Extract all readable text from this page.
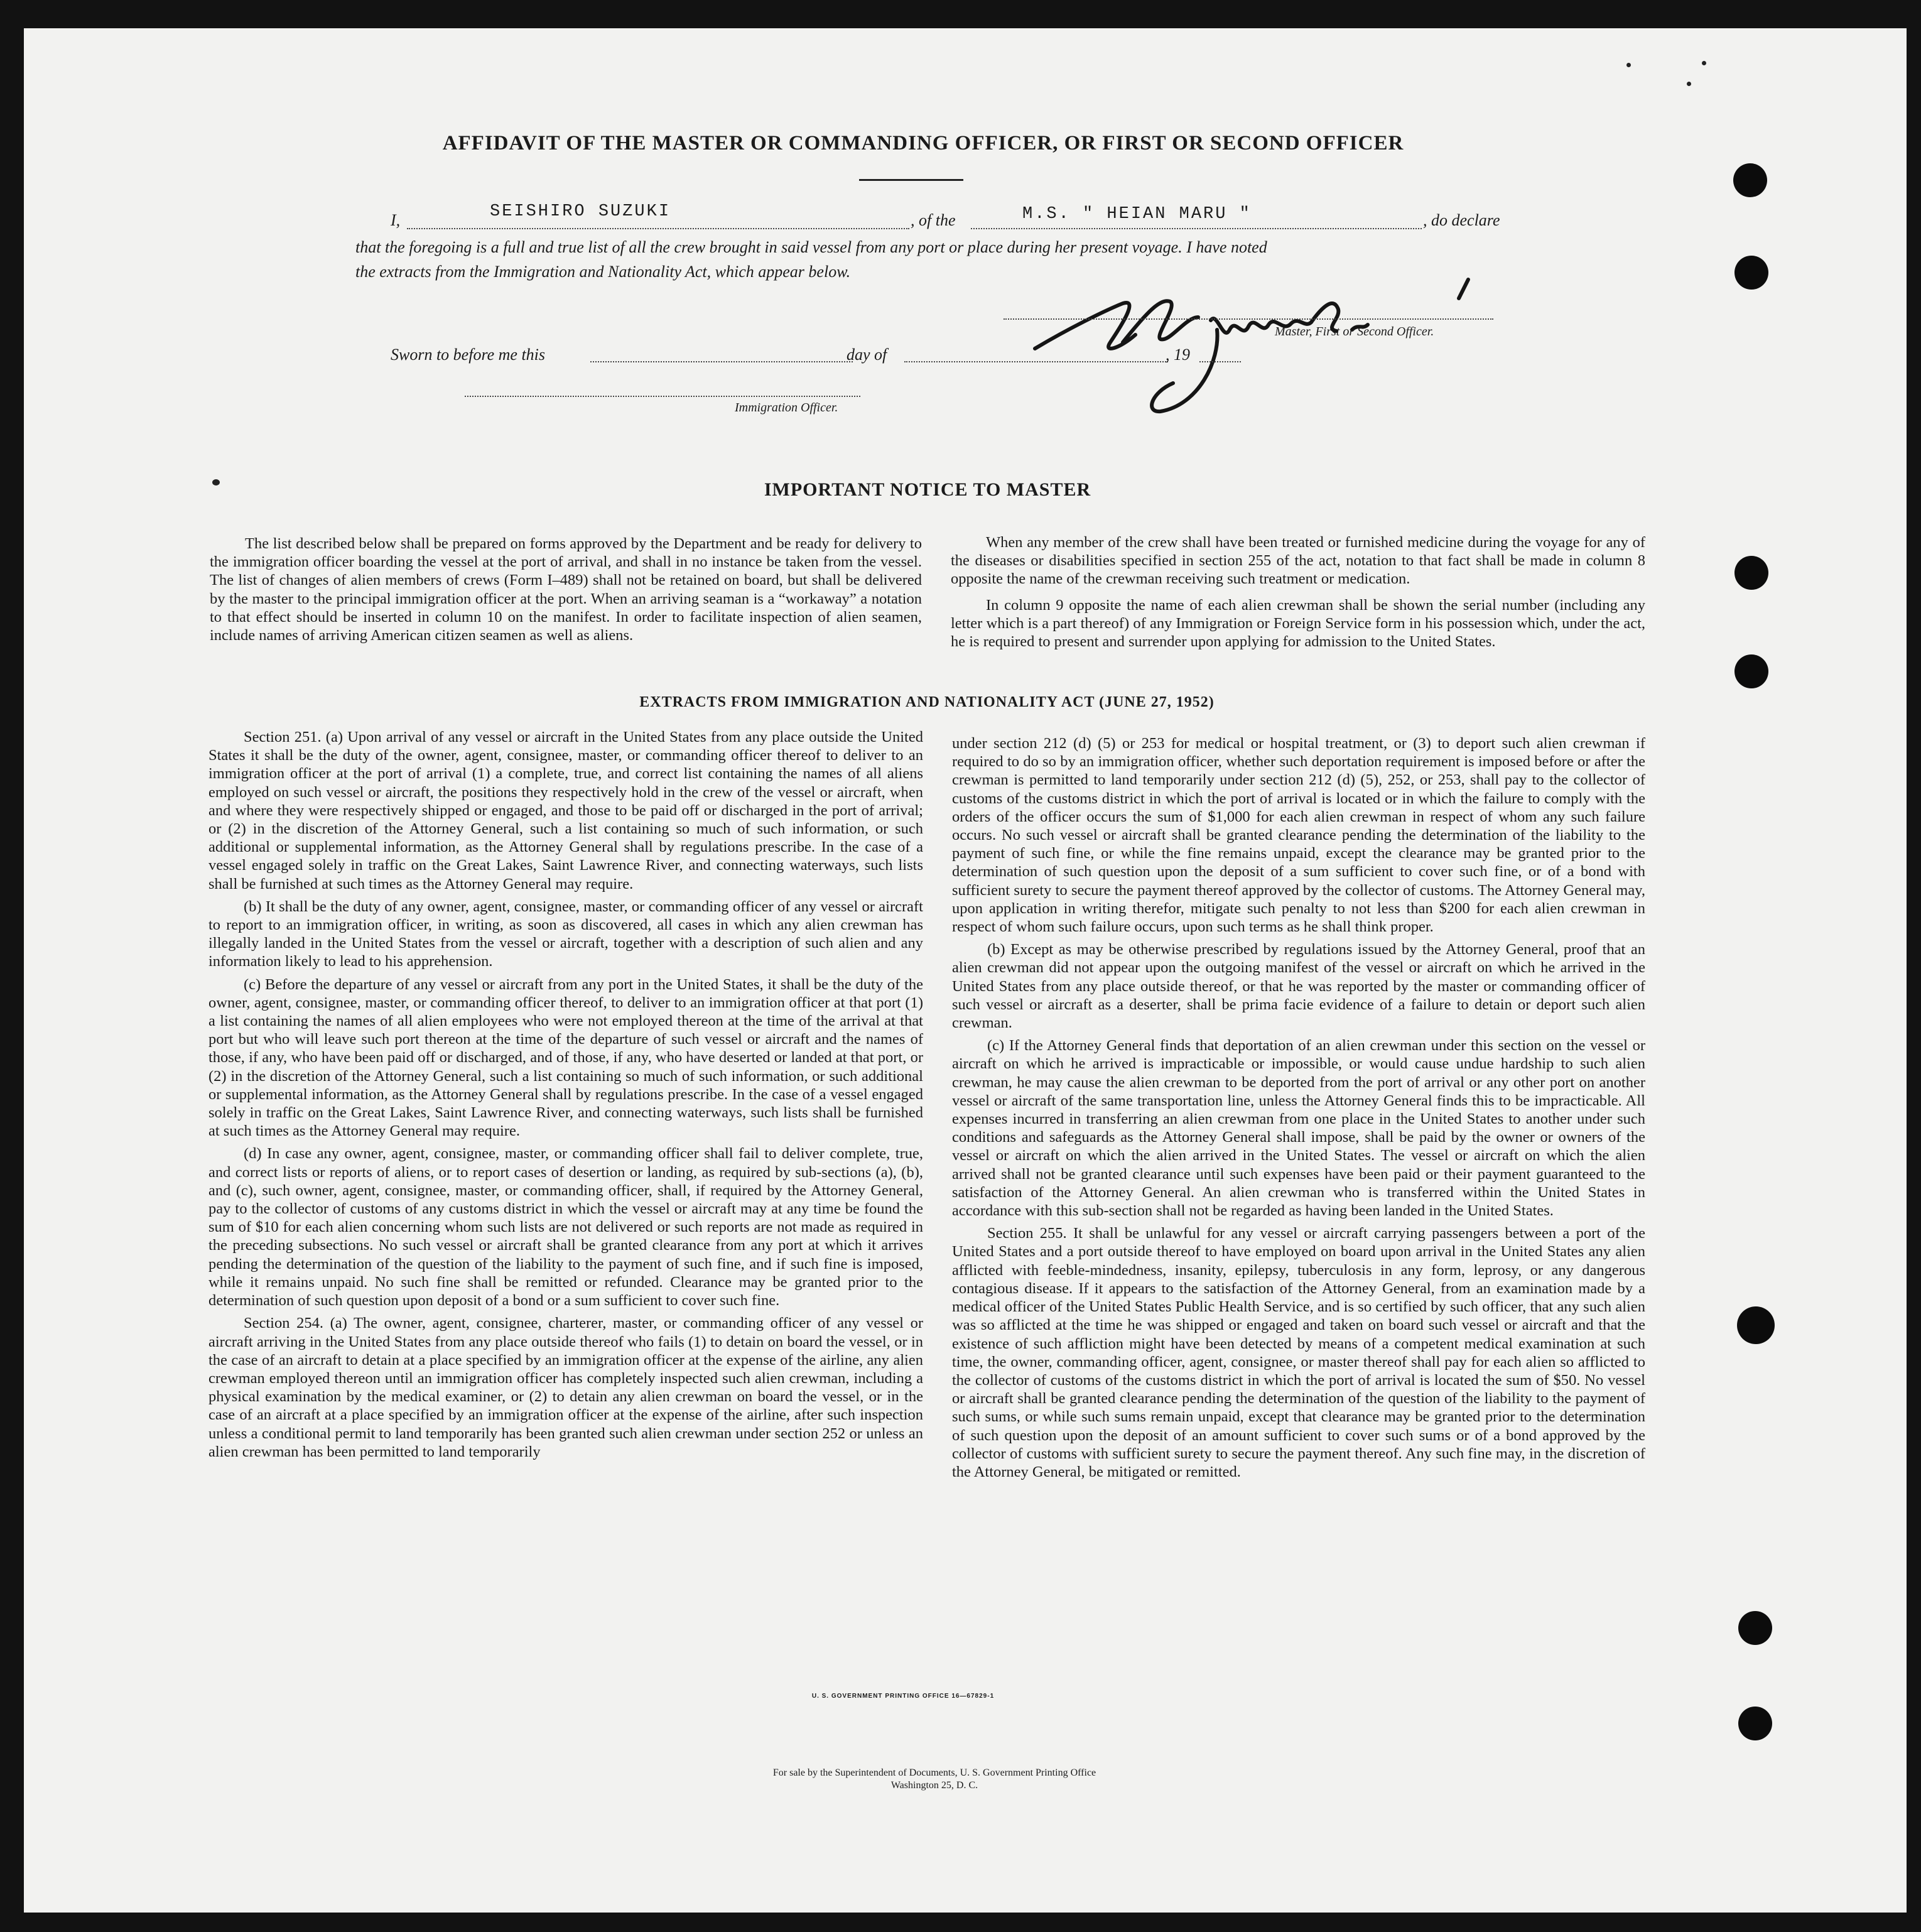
AFFIDAVIT OF THE MASTER OR COMMANDING OFFICER, OR FIRST OR SECOND OFFICER
I,	SEISHIRO SUZUKI	, of the	M.S. " HEIAN MARU "	, do declare
that the foregoing is a full and true list of all the crew brought in said vessel from any port or place during her present voyage. I have noted
the extracts from the Immigration and Nationality Act, which appear below.
Master, First or Second Officer.
Sworn to before me this	day of	, 19
Immigration Officer.
IMPORTANT NOTICE TO MASTER

The list described below shall be prepared on forms approved by the Department and be ready for delivery to the immigration officer boarding the vessel at the port of arrival, and shall in no instance be taken from the vessel. The list of changes of alien members of crews (Form I–489) shall not be retained on board, but shall be delivered by the master to the principal immigration officer at the port. When an arriving seaman is a “workaway” a notation to that effect should be inserted in column 10 on the manifest. In order to facilitate inspection of alien seamen, include names of arriving American citizen seamen as well as aliens.

When any member of the crew shall have been treated or furnished medicine during the voyage for any of the diseases or disabilities specified in section 255 of the act, notation to that fact shall be made in column 8 opposite the name of the crewman receiving such treatment or medication.

In column 9 opposite the name of each alien crewman shall be shown the serial number (including any letter which is a part thereof) of any Immigration or Foreign Service form in his possession which, under the act, he is required to present and surrender upon applying for admission to the United States.

EXTRACTS FROM IMMIGRATION AND NATIONALITY ACT (JUNE 27, 1952)

Section 251. (a) Upon arrival of any vessel or aircraft in the United States from any place outside the United States it shall be the duty of the owner, agent, consignee, master, or commanding officer thereof to deliver to an immigration officer at the port of arrival (1) a complete, true, and correct list containing the names of all aliens employed on such vessel or aircraft, the positions they respectively hold in the crew of the vessel or aircraft, when and where they were respectively shipped or engaged, and those to be paid off or discharged in the port of arrival; or (2) in the discretion of the Attorney General, such a list containing so much of such information, or such additional or supplemental information, as the Attorney General shall by regulations prescribe. In the case of a vessel engaged solely in traffic on the Great Lakes, Saint Lawrence River, and connecting waterways, such lists shall be furnished at such times as the Attorney General may require.

(b) It shall be the duty of any owner, agent, consignee, master, or commanding officer of any vessel or aircraft to report to an immigration officer, in writing, as soon as discovered, all cases in which any alien crewman has illegally landed in the United States from the vessel or aircraft, together with a description of such alien and any information likely to lead to his apprehension.

(c) Before the departure of any vessel or aircraft from any port in the United States, it shall be the duty of the owner, agent, consignee, master, or commanding officer thereof, to deliver to an immigration officer at that port (1) a list containing the names of all alien employees who were not employed thereon at the time of the arrival at that port but who will leave such port thereon at the time of the departure of such vessel or aircraft and the names of those, if any, who have been paid off or discharged, and of those, if any, who have deserted or landed at that port, or (2) in the discretion of the Attorney General, such a list containing so much of such information, or such additional or supplemental information, as the Attorney General shall by regulations prescribe. In the case of a vessel engaged solely in traffic on the Great Lakes, Saint Lawrence River, and connecting waterways, such lists shall be furnished at such times as the Attorney General may require.

(d) In case any owner, agent, consignee, master, or commanding officer shall fail to deliver complete, true, and correct lists or reports of aliens, or to report cases of desertion or landing, as required by sub-sections (a), (b), and (c), such owner, agent, consignee, master, or commanding officer, shall, if required by the Attorney General, pay to the collector of customs of any customs district in which the vessel or aircraft may at any time be found the sum of $10 for each alien concerning whom such lists are not delivered or such reports are not made as required in the preceding subsections. No such vessel or aircraft shall be granted clearance from any port at which it arrives pending the determination of the question of the liability to the payment of such fine, and if such fine is imposed, while it remains unpaid. No such fine shall be remitted or refunded. Clearance may be granted prior to the determination of such question upon deposit of a bond or a sum sufficient to cover such fine.

Section 254. (a) The owner, agent, consignee, charterer, master, or commanding officer of any vessel or aircraft arriving in the United States from any place outside thereof who fails (1) to detain on board the vessel, or in the case of an aircraft to detain at a place specified by an immigration officer at the expense of the airline, any alien crewman employed thereon until an immigration officer has completely inspected such alien crewman, including a physical examination by the medical examiner, or (2) to detain any alien crewman on board the vessel, or in the case of an aircraft at a place specified by an immigration officer at the expense of the airline, after such inspection unless a conditional permit to land temporarily has been granted such alien crewman under section 252 or unless an alien crewman has been permitted to land temporarily

under section 212 (d) (5) or 253 for medical or hospital treatment, or (3) to deport such alien crewman if required to do so by an immigration officer, whether such deportation requirement is imposed before or after the crewman is permitted to land temporarily under section 212 (d) (5), 252, or 253, shall pay to the collector of customs of the customs district in which the port of arrival is located or in which the failure to comply with the orders of the officer occurs the sum of $1,000 for each alien crewman in respect of whom any such failure occurs. No such vessel or aircraft shall be granted clearance pending the determination of the liability to the payment of such fine, or while the fine remains unpaid, except the clearance may be granted prior to the determination of such question upon the deposit of a sum sufficient to cover such fine, or of a bond with sufficient surety to secure the payment thereof approved by the collector of customs. The Attorney General may, upon application in writing therefor, mitigate such penalty to not less than $200 for each alien crewman in respect of whom such failure occurs, upon such terms as he shall think proper.

(b) Except as may be otherwise prescribed by regulations issued by the Attorney General, proof that an alien crewman did not appear upon the outgoing manifest of the vessel or aircraft on which he arrived in the United States from any place outside thereof, or that he was reported by the master or commanding officer of such vessel or aircraft as a deserter, shall be prima facie evidence of a failure to detain or deport such alien crewman.

(c) If the Attorney General finds that deportation of an alien crewman under this section on the vessel or aircraft on which he arrived is impracticable or impossible, or would cause undue hardship to such alien crewman, he may cause the alien crewman to be deported from the port of arrival or any other port on another vessel or aircraft of the same transportation line, unless the Attorney General finds this to be impracticable. All expenses incurred in transferring an alien crewman from one place in the United States to another under such conditions and safeguards as the Attorney General shall impose, shall be paid by the owner or owners of the vessel or aircraft on which the alien arrived in the United States. The vessel or aircraft on which the alien arrived shall not be granted clearance until such expenses have been paid or their payment guaranteed to the satisfaction of the Attorney General. An alien crewman who is transferred within the United States in accordance with this sub-section shall not be regarded as having been landed in the United States.

Section 255. It shall be unlawful for any vessel or aircraft carrying passengers between a port of the United States and a port outside thereof to have employed on board upon arrival in the United States any alien afflicted with feeble-mindedness, insanity, epilepsy, tuberculosis in any form, leprosy, or any dangerous contagious disease. If it appears to the satisfaction of the Attorney General, from an examination made by a medical officer of the United States Public Health Service, and is so certified by such officer, that any such alien was so afflicted at the time he was shipped or engaged and taken on board such vessel or aircraft and that the existence of such affliction might have been detected by means of a competent medical examination at such time, the owner, commanding officer, agent, consignee, or master thereof shall pay for each alien so afflicted to the collector of customs of the customs district in which the port of arrival is located the sum of $50. No vessel or aircraft shall be granted clearance pending the determination of the question of the liability to the payment of such sums, or while such sums remain unpaid, except that clearance may be granted prior to the determination of such question upon the deposit of an amount sufficient to cover such sums or of a bond approved by the collector of customs with sufficient surety to secure the payment thereof. Any such fine may, in the discretion of the Attorney General, be mitigated or remitted.

U. S. GOVERNMENT PRINTING OFFICE 16—67829-1
For sale by the Superintendent of Documents, U. S. Government Printing Office
Washington 25, D. C.
